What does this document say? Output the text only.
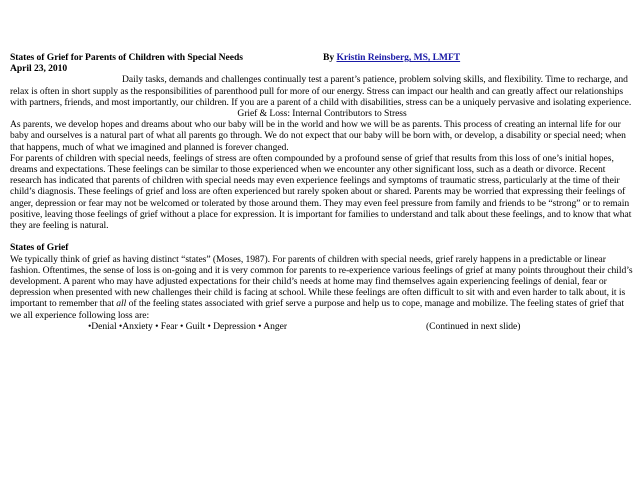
States of Grief for Parents of Children with Special Needs	By Kristin Reinsberg, MS, LMFT

April 23, 2010

Daily tasks, demands and challenges continually test a parent’s patience, problem solving skills, and flexibility. Time to recharge, and relax is often in short supply as the responsibilities of parenthood pull for more of our energy. Stress can impact our health and can greatly affect our relationships with partners, friends, and most importantly, our children. If you are a parent of a child with disabilities, stress can be a uniquely pervasive and isolating experience.

Grief & Loss: Internal Contributors to Stress

As parents, we develop hopes and dreams about who our baby will be in the world and how we will be as parents. This process of creating an internal life for our baby and ourselves is a natural part of what all parents go through. We do not expect that our baby will be born with, or develop, a disability or special need; when that happens, much of what we imagined and planned is forever changed.

For parents of children with special needs, feelings of stress are often compounded by a profound sense of grief that results from this loss of one’s initial hopes, dreams and expectations. These feelings can be similar to those experienced when we encounter any other significant loss, such as a death or divorce. Recent research has indicated that parents of children with special needs may even experience feelings and symptoms of traumatic stress, particularly at the time of their child’s diagnosis. These feelings of grief and loss are often experienced but rarely spoken about or shared. Parents may be worried that expressing their feelings of anger, depression or fear may not be welcomed or tolerated by those around them. They may even feel pressure from family and friends to be “strong” or to remain positive, leaving those feelings of grief without a place for expression. It is important for families to understand and talk about these feelings, and to know that what they are feeling is natural.

States of Grief

We typically think of grief as having distinct “states” (Moses, 1987). For parents of children with special needs, grief rarely happens in a predictable or linear fashion. Oftentimes, the sense of loss is on-going and it is very common for parents to re-experience various feelings of grief at many points throughout their child’s development. A parent who may have adjusted expectations for their child’s needs at home may find themselves again experiencing feelings of denial, fear or depression when presented with new challenges their child is facing at school. While these feelings are often difficult to sit with and even harder to talk about, it is important to remember that all of the feeling states associated with grief serve a purpose and help us to cope, manage and mobilize. The feeling states of grief that we all experience following loss are:

•Denial •Anxiety • Fear • Guilt • Depression • Anger	(Continued in next slide)
